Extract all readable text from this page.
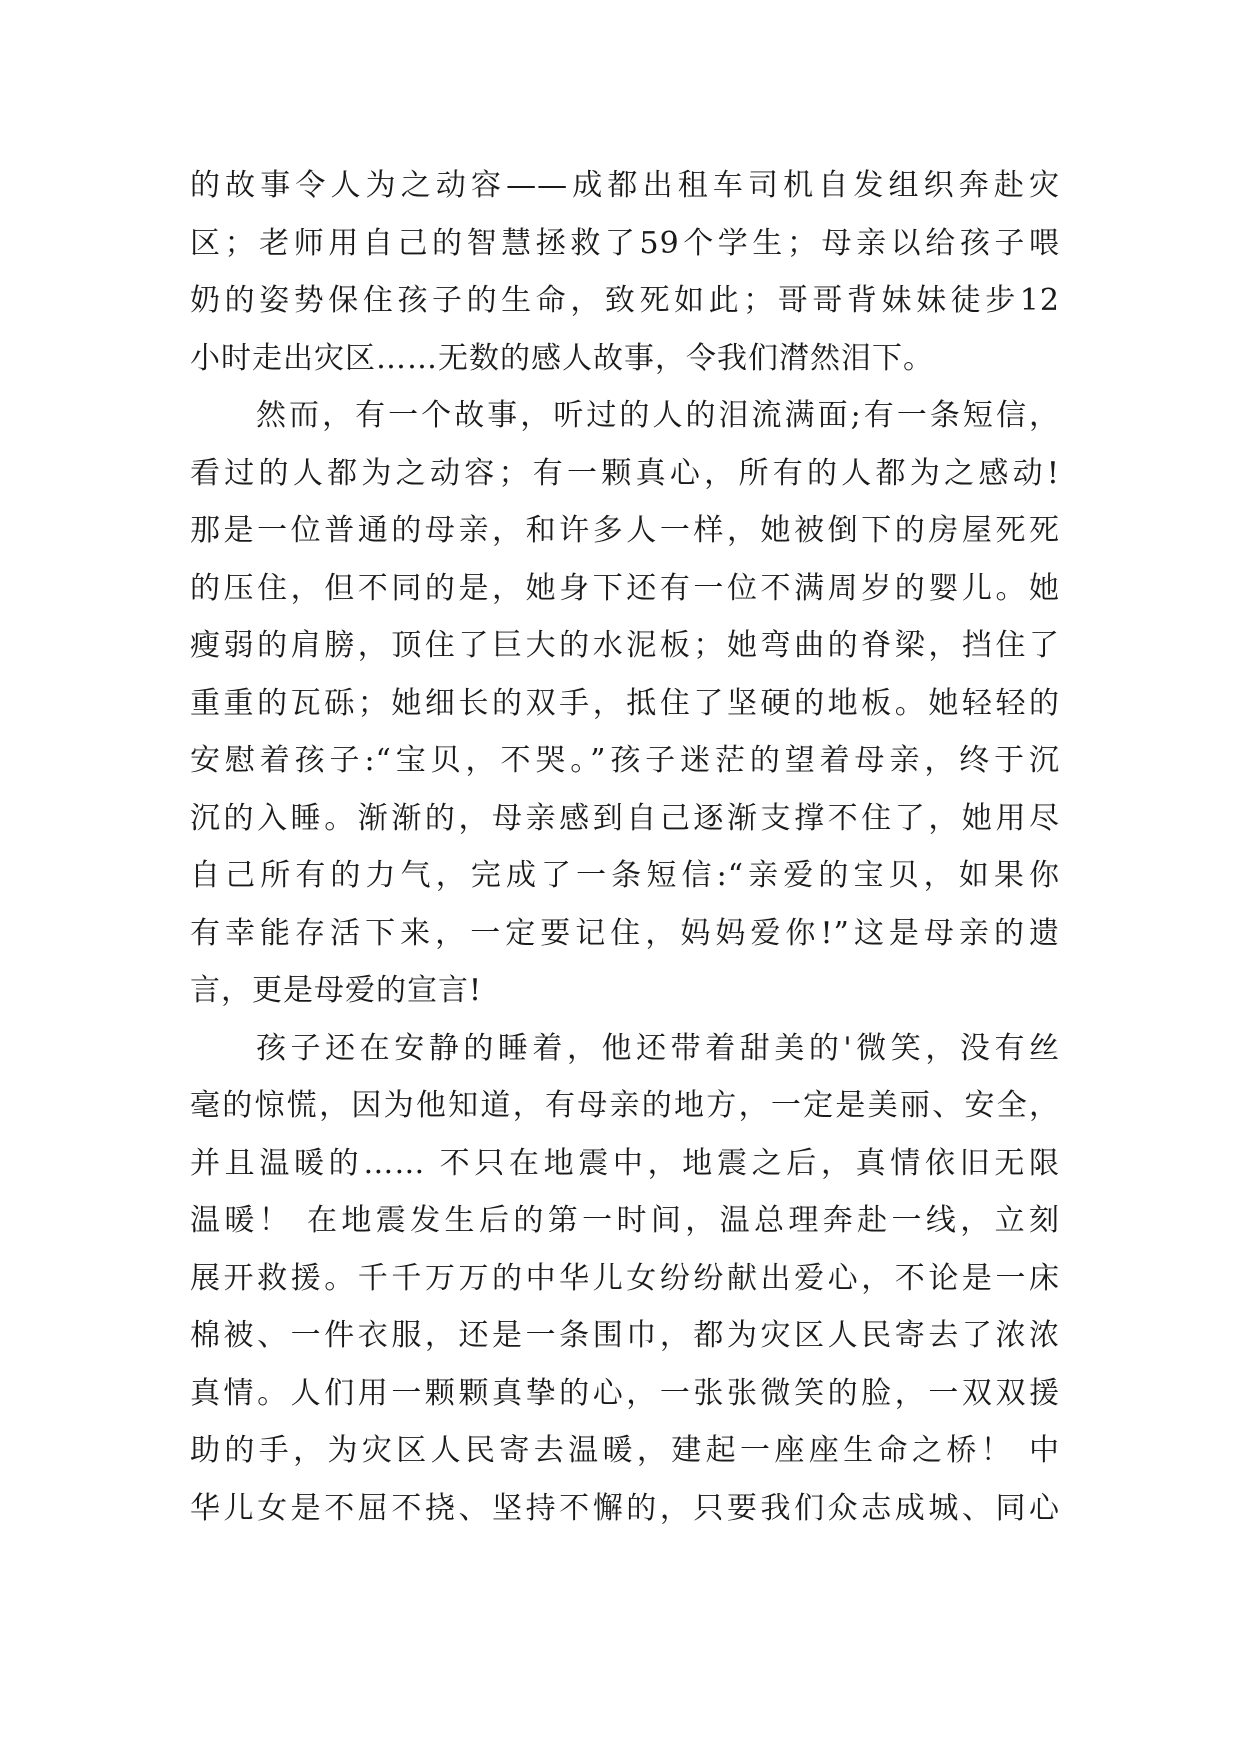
的故事令人为之动容——成都出租车司机自发组织奔赴灾
区；老师用自己的智慧拯救了59个学生；母亲以给孩子喂
奶的姿势保住孩子的生命，致死如此；哥哥背妹妹徒步12
小时走出灾区……无数的感人故事，令我们潸然泪下。
然而，有一个故事，听过的人的泪流满面;有一条短信，
看过的人都为之动容；有一颗真心，所有的人都为之感动!
那是一位普通的母亲，和许多人一样，她被倒下的房屋死死
的压住，但不同的是，她身下还有一位不满周岁的婴儿。她
瘦弱的肩膀，顶住了巨大的水泥板；她弯曲的脊梁，挡住了
重重的瓦砾；她细长的双手，抵住了坚硬的地板。她轻轻的
安慰着孩子:“宝贝，不哭。”孩子迷茫的望着母亲，终于沉
沉的入睡。渐渐的，母亲感到自己逐渐支撑不住了，她用尽
自己所有的力气，完成了一条短信:“亲爱的宝贝，如果你
有幸能存活下来，一定要记住，妈妈爱你!”这是母亲的遗
言，更是母爱的宣言!
孩子还在安静的睡着，他还带着甜美的'微笑，没有丝
毫的惊慌，因为他知道，有母亲的地方，一定是美丽、安全，
并且温暖的…… 不只在地震中，地震之后，真情依旧无限
温暖！ 在地震发生后的第一时间，温总理奔赴一线，立刻
展开救援。千千万万的中华儿女纷纷献出爱心，不论是一床
棉被、一件衣服，还是一条围巾，都为灾区人民寄去了浓浓
真情。人们用一颗颗真挚的心，一张张微笑的脸，一双双援
助的手，为灾区人民寄去温暖，建起一座座生命之桥！ 中
华儿女是不屈不挠、坚持不懈的，只要我们众志成城、同心
